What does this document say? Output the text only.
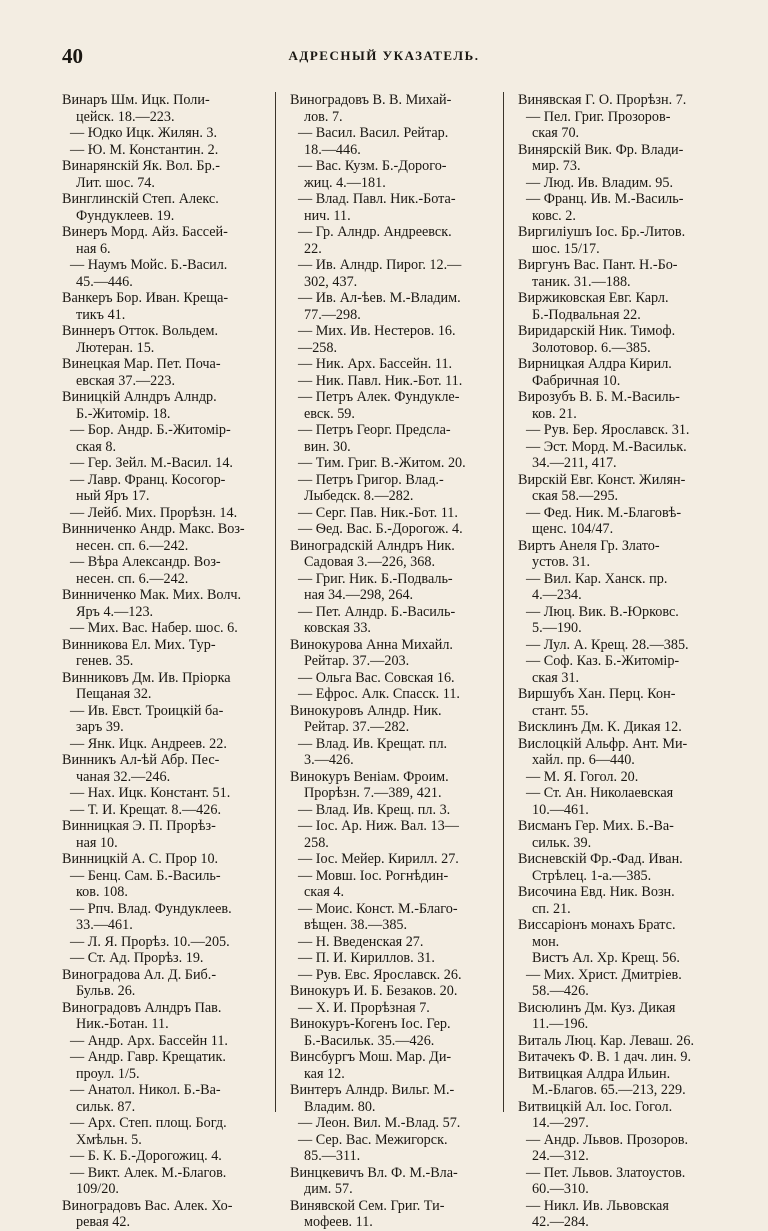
40	АДРЕСНЫЙ УКАЗАТЕЛЬ.
Винаръ Шм. Ицк. Поли-
цейск. 18.—223.
— Юдко Ицк. Жилян. 3.
— Ю. М. Константин. 2.
Винарянскій Як. Вол. Бр.-
Лит. шос. 74.
Винглинскій Степ. Алекс.
Фундуклеев. 19.
Винеръ Морд. Айз. Бассей-
ная 6.
— Наумъ Мойс. Б.-Васил.
45.—446.
Ванкеръ Бор. Иван. Крещa-
тикъ 41.
Виннеръ Отток. Вольдем.
Лютеран. 15.
Винецкая Мар. Пет. Поча-
евская 37.—223.
Виницкій Алндръ Алндр.
Б.-Житомір. 18.
— Бор. Андр. Б.-Житомір-
ская 8.
— Гер. Зейл. М.-Васил. 14.
— Лавр. Франц. Косогор-
ный Яръ 17.
— Лейб. Мих. Прорѣзн. 14.
Винниченко Андр. Макс. Воз-
несен. сп. 6.—242.
— Вѣра Александр. Воз-
несен. сп. 6.—242.
Винниченко Мак. Мих. Волч.
Яръ 4.—123.
— Мих. Вас. Набер. шос. 6.
Винникова Ел. Мих. Тур-
генев. 35.
Винниковъ Дм. Ив. Пріорка
Пещаная 32.
— Ив. Евст. Троицкій ба-
заръ 39.
— Янк. Ицк. Андреев. 22.
Винникъ Ал-ѣй Абр. Пес-
чаная 32.—246.
— Нах. Ицк. Констант. 51.
— Т. И. Крещат. 8.—426.
Винницкая Э. П. Прорѣз-
ная 10.
Винницкій А. С. Прор 10.
— Бенц. Сам. Б.-Василь-
ков. 108.
— Рпч. Влад. Фундуклеев.
33.—461.
— Л. Я. Прорѣз. 10.—205.
— Ст. Ад. Прорѣз. 19.
Виноградова Ал. Д. Биб.-
Бульв. 26.
Виноградовъ Алндръ Пав.
Ник.-Ботан. 11.
— Андр. Арх. Бассейн 11.
— Андр. Гавр. Крещатик.
проул. 1/5.
— Анатол. Никол. Б.-Ва-
сильк. 87.
— Арх. Степ. площ. Богд.
Хмѣльн. 5.
— Б. К. Б.-Дорогожиц. 4.
— Викт. Алек. М.-Благов.
109/20.
Виноградовъ Вас. Алек. Хо-
ревая 42.
Виноградовъ В. В. Михай-
лов. 7.
— Васил. Васил. Рейтар.
18.—446.
— Вас. Кузм. Б.-Дорого-
жиц. 4.—181.
— Влад. Павл. Ник.-Бота-
нич. 11.
— Гр. Алндр. Андреевск.
22.
— Ив. Алндр. Пирог. 12.—
302, 437.
— Ив. Ал-ѣев. М.-Владим.
77.—298.
— Мих. Ив. Нестеров. 16.
—258.
— Ник. Арх. Бассейн. 11.
— Ник. Павл. Ник.-Бот. 11.
— Петръ Алек. Фундуклe-
евск. 59.
— Петръ Георг. Предсла-
вин. 30.
— Тим. Григ. В.-Житом. 20.
— Петръ Григор. Влад.-
Лыбедск. 8.—282.
— Серг. Пав. Ник.-Бот. 11.
— Ѳед. Вас. Б.-Дорогож. 4.
Виноградскій Алндръ Ник.
Садовая 3.—226, 368.
— Григ. Ник. Б.-Подваль-
ная 34.—298, 264.
— Пет. Алндр. Б.-Василь-
ковская 33.
Винокурова Анна Михайл.
Рейтар. 37.—203.
— Ольга Вас. Совская 16.
— Ефрос. Алк. Спасск. 11.
Винокуровъ Алндр. Ник.
Рейтар. 37.—282.
— Влад. Ив. Крещат. пл.
3.—426.
Винокуръ Веніам. Фроим.
Прорѣзн. 7.—389, 421.
— Влад. Ив. Крещ. пл. 3.
— Іос. Ар. Ниж. Вал. 13—
258.
— Іос. Мейер. Кирилл. 27.
— Мовш. Іос. Рогнѣдин-
ская 4.
— Моис. Конст. М.-Благо-
вѣщен. 38.—385.
— Н. Введенская 27.
— П. И. Кириллов. 31.
— Рув. Евс. Ярославск. 26.
Винокуръ И. Б. Безаков. 20.
— Х. И. Прорѣзная 7.
Винокуръ-Когенъ Іос. Гер.
Б.-Васильк. 35.—426.
Винсбургъ Мош. Мар. Ди-
кая 12.
Винтеръ Алндр. Вильг. М.-
Владим. 80.
— Леон. Вил. М.-Влад. 57.
— Сер. Вас. Межигорск.
85.—311.
Винцкевичъ Вл. Ф. М.-Вла-
дим. 57.
Винявской Сем. Григ. Ти-
мофеев. 11.
Винявская Г. О. Прорѣзн. 7.
— Пел. Григ. Прозоров-
ская 70.
Винярскій Вик. Фр. Влади-
мир. 73.
— Люд. Ив. Владим. 95.
— Франц. Ив. М.-Василь-
ковс. 2.
Виргиліушъ Іос. Бр.-Литов.
шос. 15/17.
Виргунъ Вас. Пант. Н.-Бо-
таник. 31.—188.
Виржиковская Евг. Карл.
Б.-Подвальная 22.
Виридарскій Ник. Тимоф.
Золотовор. 6.—385.
Вирницкая Алдра Кирил.
Фабричная 10.
Вирозубъ В. Б. М.-Василь-
ков. 21.
— Рув. Бер. Ярославск. 31.
— Эст. Морд. М.-Васильк.
34.—211, 417.
Вирскій Евг. Конст. Жилян-
ская 58.—295.
— Фед. Ник. М.-Благовѣ-
щенс. 104/47.
Виртъ Анеля Гр. Злато-
устов. 31.
— Вил. Кар. Ханск. пр.
4.—234.
— Люц. Вик. В.-Юрковс.
5.—190.
— Лул. А. Крещ. 28.—385.
— Соф. Каз. Б.-Житомір-
ская 31.
Виршубъ Хан. Перц. Кон-
стант. 55.
Висклинъ Дм. К. Дикая 12.
Вислоцкій Альфр. Ант. Ми-
хайл. пр. 6—440.
— М. Я. Гогол. 20.
— Ст. Ан. Николаевская
10.—461.
Висманъ Гер. Мих. Б.-Ва-
сильк. 39.
Висневскій Фр.-Фад. Иван.
Стрѣлец. 1-а.—385.
Височина Евд. Ник. Возн.
сп. 21.
Виссаріонъ монахъ Братс.
мон.
Вистъ Ал. Хр. Крещ. 56.
— Мих. Христ. Дмитріев.
58.—426.
Висюлинъ Дм. Куз. Дикая
11.—196.
Виталь Люц. Кар. Леваш. 26.
Витачекъ Ф. В. 1 дач. лин. 9.
Витвицкая Алдра Ильин.
М.-Благов. 65.—213, 229.
Витвицкій Ал. Іос. Гогол.
14.—297.
— Андр. Львов. Прозоров.
24.—312.
— Пет. Львов. Златоустов.
60.—310.
— Никл. Ив. Львовская
42.—284.
